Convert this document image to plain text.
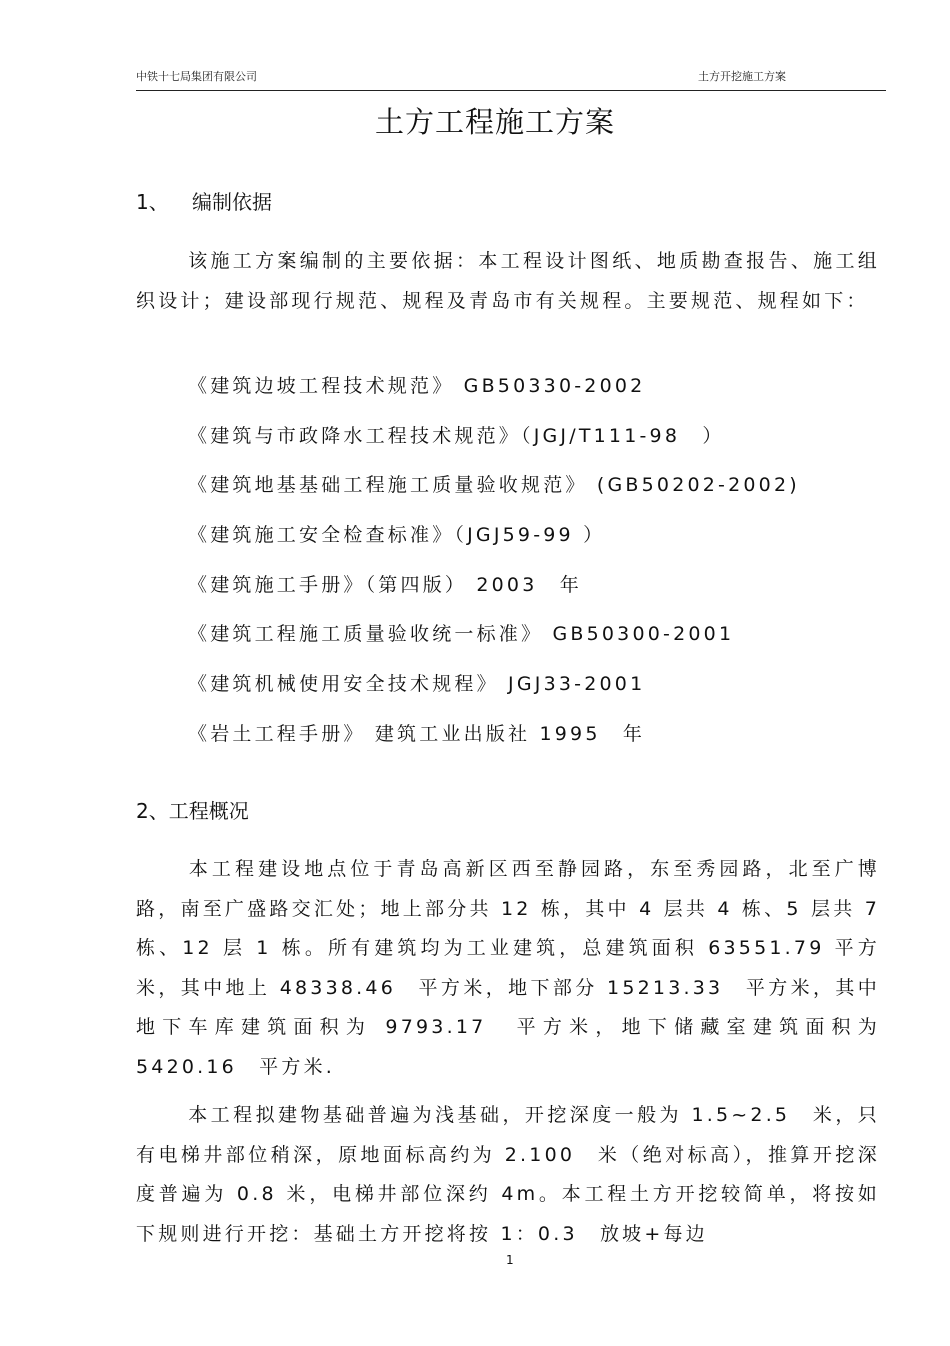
中铁十七局集团有限公司	土方开挖施工方案
土方工程施工方案
1、 编制依据
该施工方案编制的主要依据：本工程设计图纸、地质勘查报告、施工组织设计；建设部现行规范、规程及青岛市有关规程。主要规范、规程如下：
《建筑边坡工程技术规范》 GB50330-2002
《建筑与市政降水工程技术规范》（JGJ/T111-98　）
《建筑地基基础工程施工质量验收规范》 (GB50202-2002)
《建筑施工安全检查标准》（JGJ59-99 ）
《建筑施工手册》（第四版） 2003　年
《建筑工程施工质量验收统一标准》 GB50300-2001
《建筑机械使用安全技术规程》 JGJ33-2001
《岩土工程手册》 建筑工业出版社 1995　年
2、工程概况
本工程建设地点位于青岛高新区西至静园路，东至秀园路，北至广博路，南至广盛路交汇处；地上部分共 12 栋，其中 4 层共 4 栋、5 层共 7 栋、12 层 1 栋。所有建筑均为工业建筑，总建筑面积 63551.79 平方米，其中地上 48338.46　平方米，地下部分 15213.33　平方米，其中地下车库建筑面积为 9793.17　平方米，地下储藏室建筑面积为 5420.16　平方米.
本工程拟建物基础普遍为浅基础，开挖深度一般为 1.5~2.5　米，只有电梯井部位稍深，原地面标高约为 2.100　米（绝对标高），推算开挖深度普遍为 0.8 米，电梯井部位深约 4m。本工程土方开挖较简单，将按如下规则进行开挖：基础土方开挖将按 1：0.3　放坡+每边
1
